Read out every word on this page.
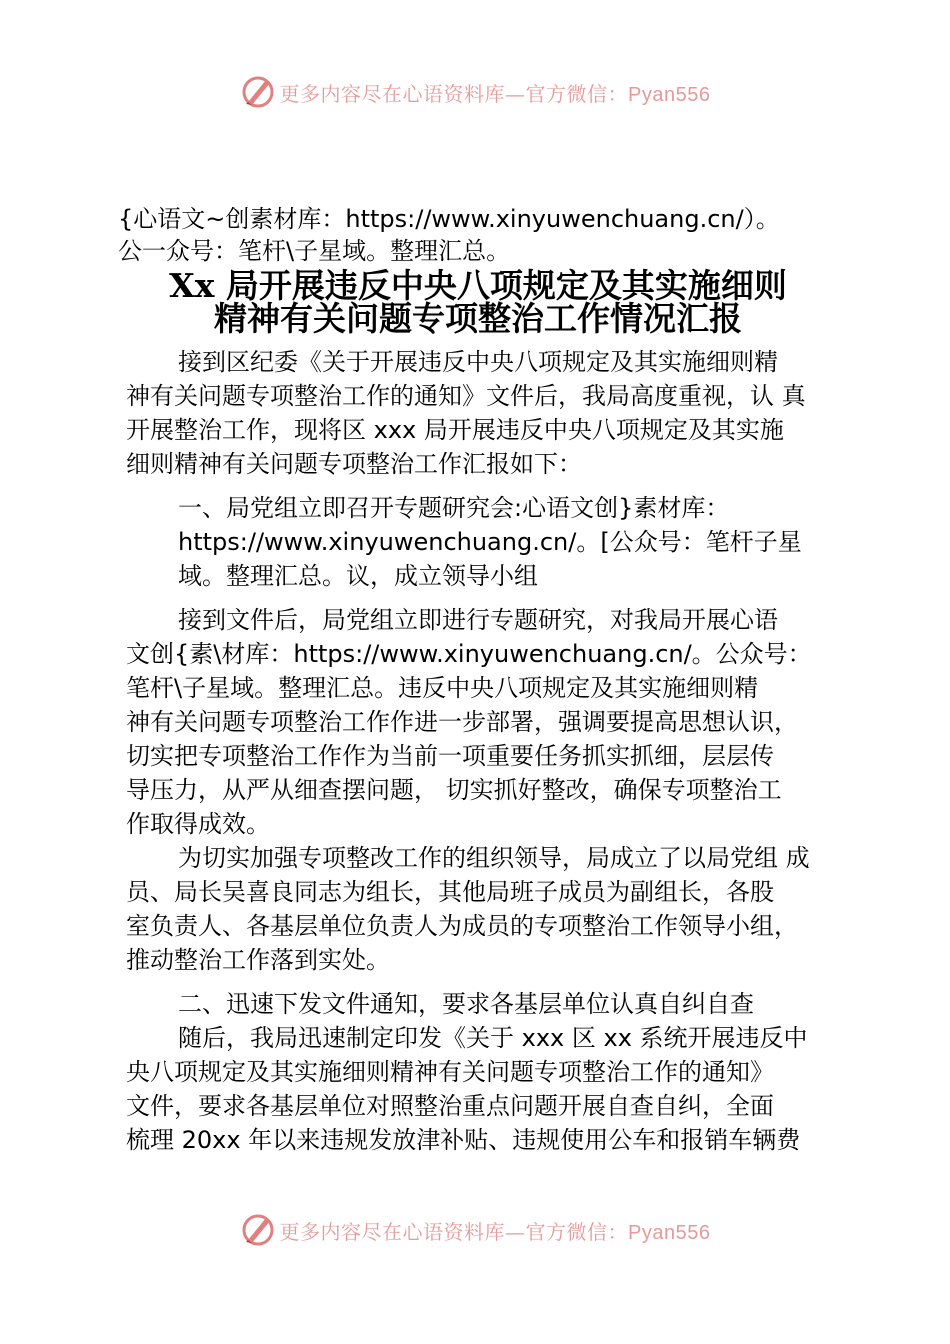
更多内容尽在心语资料库—官方微信：Pyan556
{心语文~创素材库：https://www.xinyuwenchuang.cn/）。
公一众号：笔杆\子星域。整理汇总。
Xx 局开展违反中央八项规定及其实施细则
精神有关问题专项整治工作情况汇报
接到区纪委《关于开展违反中央八项规定及其实施细则精
神有关问题专项整治工作的通知》文件后，我局高度重视，认 真
开展整治工作，现将区 xxx 局开展违反中央八项规定及其实施
细则精神有关问题专项整治工作汇报如下：
一、局党组立即召开专题研究会:心语文创}素材库：
https://www.xinyuwenchuang.cn/。[公众号：笔杆子星
域。整理汇总。议，成立领导小组
接到文件后，局党组立即进行专题研究，对我局开展心语
文创{素\材库：https://www.xinyuwenchuang.cn/。公众号：
笔杆\子星域。整理汇总。违反中央八项规定及其实施细则精
神有关问题专项整治工作作进一步部署，强调要提高思想认识，
切实把专项整治工作作为当前一项重要任务抓实抓细，层层传
导压力，从严从细查摆问题， 切实抓好整改，确保专项整治工
作取得成效。
为切实加强专项整改工作的组织领导，局成立了以局党组 成
员、局长吴喜良同志为组长，其他局班子成员为副组长，各股
室负责人、各基层单位负责人为成员的专项整治工作领导小组，
推动整治工作落到实处。
二、迅速下发文件通知，要求各基层单位认真自纠自查
随后，我局迅速制定印发《关于 xxx 区 xx 系统开展违反中
央八项规定及其实施细则精神有关问题专项整治工作的通知》
文件，要求各基层单位对照整治重点问题开展自查自纠，全面
梳理 20xx 年以来违规发放津补贴、违规使用公车和报销车辆费
更多内容尽在心语资料库—官方微信：Pyan556
